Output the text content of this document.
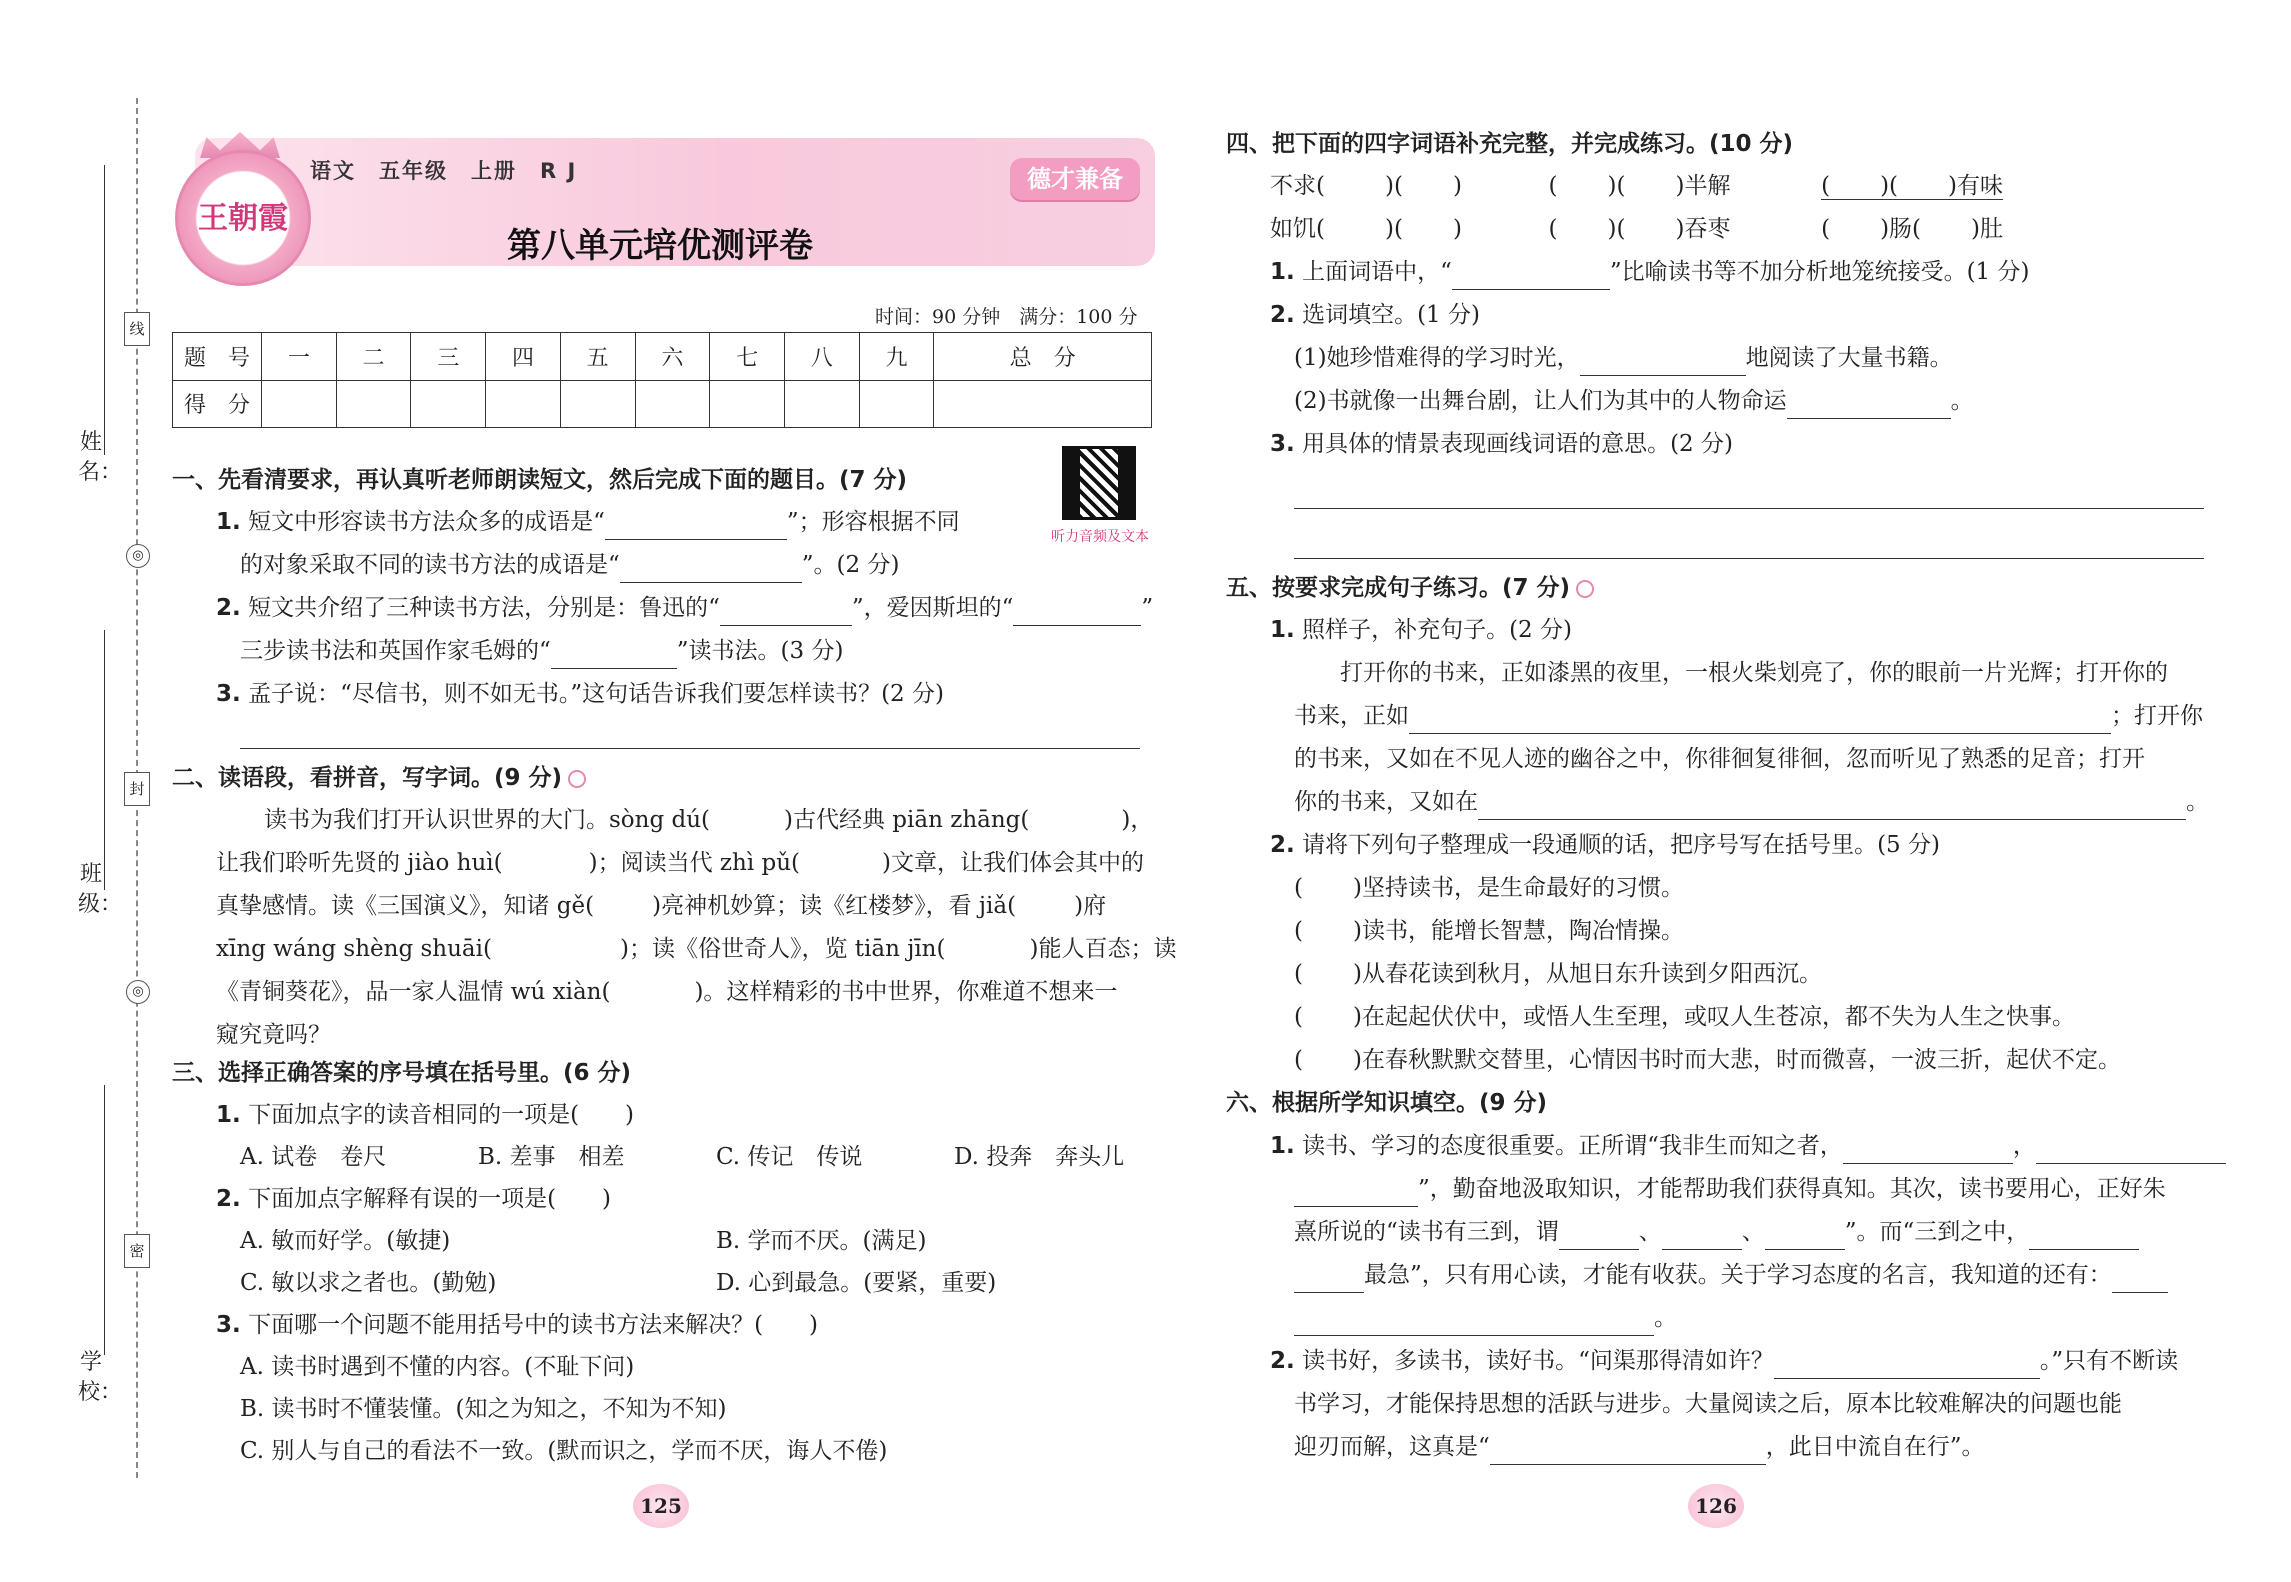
姓 名：
班 级：
学 校：
线
◎
封
◎
密
王朝霞
语文　五年级　上册　R J
第八单元培优测评卷
德才兼备
时间：90 分钟　满分：100 分
题　号	一	二	三	四	五	六	七	八	九	总　分
得　分										
听力音频及文本
一、先看清要求，再认真听老师朗读短文，然后完成下面的题目。(7 分)
1. 短文中形容读书方法众多的成语是“	”；形容根据不同
的对象采取不同的读书方法的成语是“	”。(2 分)
2. 短文共介绍了三种读书方法，分别是：鲁迅的“	”，爱因斯坦的“	”
三步读书法和英国作家毛姆的“	”读书法。(3 分)
3. 孟子说：“尽信书，则不如无书。”这句话告诉我们要怎样读书？(2 分)
二、读语段，看拼音，写字词。(9 分)
读书为我们打开认识世界的大门。sòng dú(	)古代经典 piān zhāng(	)，
让我们聆听先贤的 jiào huì(	)；阅读当代 zhì pǔ(	)文章，让我们体会其中的
真挚感情。读《三国演义》，知诸 gě(	)亮神机妙算；读《红楼梦》，看 jiǎ(	)府
xīng wáng shèng shuāi(	)；读《俗世奇人》，览 tiān jīn(	)能人百态；读
《青铜葵花》，品一家人温情 wú xiàn(	)。这样精彩的书中世界，你难道不想来一
窥究竟吗？
三、选择正确答案的序号填在括号里。(6 分)
1. 下面加点字的读音相同的一项是(　　)
A. 试卷　卷尺	B. 差事　相差	C. 传记　传说	D. 投奔　奔头儿
2. 下面加点字解释有误的一项是(　　)
A. 敏而好学。(敏捷)	B. 学而不厌。(满足)
C. 敏以求之者也。(勤勉)	D. 心到最急。(要紧，重要)
3. 下面哪一个问题不能用括号中的读书方法来解决？(　　)
A. 读书时遇到不懂的内容。(不耻下问)
B. 读书时不懂装懂。(知之为知之，不知为不知)
C. 别人与自己的看法不一致。(默而识之，学而不厌，诲人不倦)
125
四、把下面的四字词语补充完整，并完成练习。(10 分)
不求(	)( )	( )( )半解	( )( )有味
如饥(	)( )	( )( )吞枣	( )肠( )肚
1. 上面词语中，“	”比喻读书等不加分析地笼统接受。(1 分)
2. 选词填空。(1 分)
(1)她珍惜难得的学习时光，	地阅读了大量书籍。
(2)书就像一出舞台剧，让人们为其中的人物命运	。
3. 用具体的情景表现画线词语的意思。(2 分)
五、按要求完成句子练习。(7 分)
1. 照样子，补充句子。(2 分)
打开你的书来，正如漆黑的夜里，一根火柴划亮了，你的眼前一片光辉；打开你的
书来，正如	；打开你
的书来，又如在不见人迹的幽谷之中，你徘徊复徘徊，忽而听见了熟悉的足音；打开
你的书来，又如在	。
2. 请将下列句子整理成一段通顺的话，把序号写在括号里。(5 分)
( )坚持读书，是生命最好的习惯。
( )读书，能增长智慧，陶冶情操。
( )从春花读到秋月，从旭日东升读到夕阳西沉。
( )在起起伏伏中，或悟人生至理，或叹人生苍凉，都不失为人生之快事。
( )在春秋默默交替里，心情因书时而大悲，时而微喜，一波三折，起伏不定。
六、根据所学知识填空。(9 分)
1. 读书、学习的态度很重要。正所谓“我非生而知之者，	，
”，勤奋地汲取知识，才能帮助我们获得真知。其次，读书要用心，正好朱
熹所说的“读书有三到，谓	、	、	”。而“三到之中，
最急”，只有用心读，才能有收获。关于学习态度的名言，我知道的还有：
。
2. 读书好，多读书，读好书。“问渠那得清如许？	。”只有不断读
书学习，才能保持思想的活跃与进步。大量阅读之后，原本比较难解决的问题也能
迎刃而解，这真是“	，此日中流自在行”。
126
